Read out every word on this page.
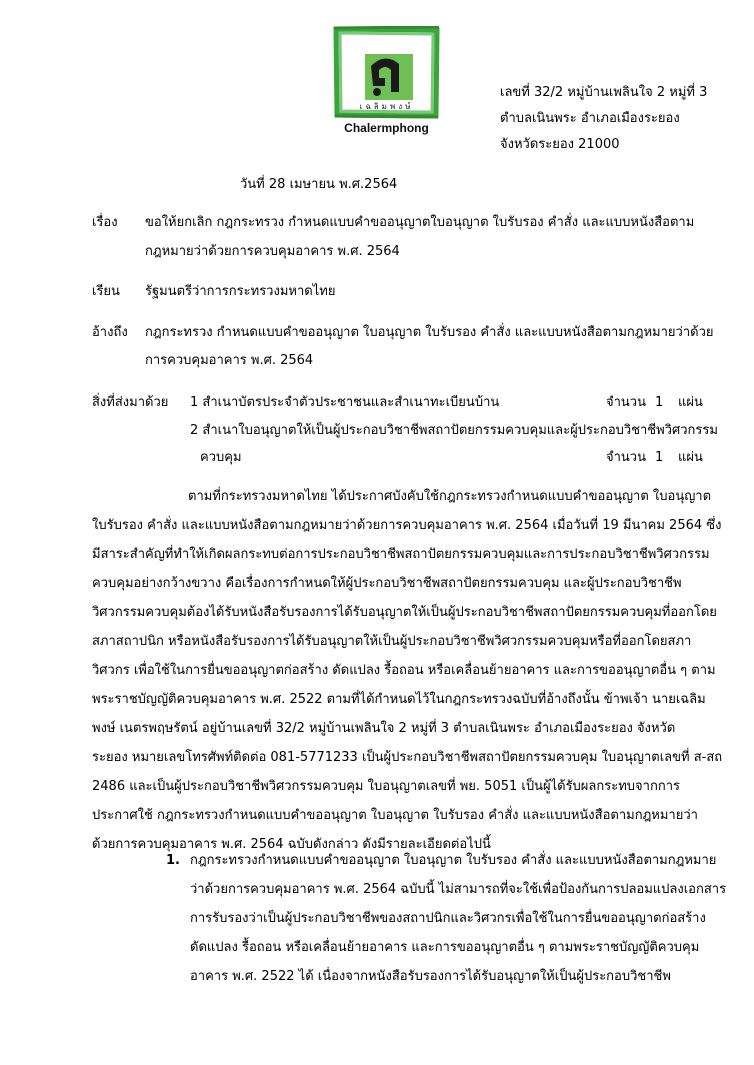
เฉลิมพงษ์
Chalermphong
เลขที่ 32/2 หมู่บ้านเพลินใจ 2 หมู่ที่ 3
ตำบลเนินพระ อำเภอเมืองระยอง
จังหวัดระยอง 21000
วันที่ 28 เมษายน พ.ศ.2564
เรื่อง ขอให้ยกเลิก กฎกระทรวง กำหนดแบบคำขออนุญาตใบอนุญาต ใบรับรอง คำสั่ง และแบบหนังสือตาม
กฎหมายว่าด้วยการควบคุมอาคาร พ.ศ. 2564
เรียน รัฐมนตรีว่าการกระทรวงมหาดไทย
อ้างถึง กฎกระทรวง กำหนดแบบคำขออนุญาต ใบอนุญาต ใบรับรอง คำสั่ง และแบบหนังสือตามกฎหมายว่าด้วย
การควบคุมอาคาร พ.ศ. 2564
สิ่งที่ส่งมาด้วย 1 สำเนาบัตรประจำตัวประชาชนและสำเนาทะเบียนบ้าน	จำนวน 1 แผ่น
2 สำเนาใบอนุญาตให้เป็นผู้ประกอบวิชาชีพสถาปัตยกรรมควบคุมและผู้ประกอบวิชาชีพวิศวกรรม
ควบคุม	จำนวน 1 แผ่น
ตามที่กระทรวงมหาดไทย ได้ประกาศบังคับใช้กฎกระทรวงกำหนดแบบคำขออนุญาต ใบอนุญาต
ใบรับรอง คำสั่ง และแบบหนังสือตามกฎหมายว่าด้วยการควบคุมอาคาร พ.ศ. 2564 เมื่อวันที่ 19 มีนาคม 2564 ซึ่ง
มีสาระสำคัญที่ทำให้เกิดผลกระทบต่อการประกอบวิชาชีพสถาปัตยกรรมควบคุมและการประกอบวิชาชีพวิศวกรรม
ควบคุมอย่างกว้างขวาง คือเรื่องการกำหนดให้ผู้ประกอบวิชาชีพสถาปัตยกรรมควบคุม และผู้ประกอบวิชาชีพ
วิศวกรรมควบคุมต้องได้รับหนังสือรับรองการได้รับอนุญาตให้เป็นผู้ประกอบวิชาชีพสถาปัตยกรรมควบคุมที่ออกโดย
สภาสถาปนิก หรือหนังสือรับรองการได้รับอนุญาตให้เป็นผู้ประกอบวิชาชีพวิศวกรรมควบคุมหรือที่ออกโดยสภา
วิศวกร เพื่อใช้ในการยื่นขออนุญาตก่อสร้าง ดัดแปลง รื้อถอน หรือเคลื่อนย้ายอาคาร และการขออนุญาตอื่น ๆ ตาม
พระราชบัญญัติควบคุมอาคาร พ.ศ. 2522 ตามที่ได้กำหนดไว้ในกฎกระทรวงฉบับที่อ้างถึงนั้น ข้าพเจ้า นายเฉลิม
พงษ์ เนตรพฤษรัตน์ อยู่บ้านเลขที่ 32/2 หมู่บ้านเพลินใจ 2 หมู่ที่ 3 ตำบลเนินพระ อำเภอเมืองระยอง จังหวัด
ระยอง หมายเลขโทรศัพท์ติดต่อ 081-5771233 เป็นผู้ประกอบวิชาชีพสถาปัตยกรรมควบคุม ใบอนุญาตเลขที่ ส-สถ
2486 และเป็นผู้ประกอบวิชาชีพวิศวกรรมควบคุม ใบอนุญาตเลขที่ พย. 5051 เป็นผู้ได้รับผลกระทบจากการ
ประกาศใช้ กฎกระทรวงกำหนดแบบคำขออนุญาต ใบอนุญาต ใบรับรอง คำสั่ง และแบบหนังสือตามกฎหมายว่า
ด้วยการควบคุมอาคาร พ.ศ. 2564 ฉบับดังกล่าว ดังมีรายละเอียดต่อไปนี้
1. กฎกระทรวงกำหนดแบบคำขออนุญาต ใบอนุญาต ใบรับรอง คำสั่ง และแบบหนังสือตามกฎหมาย
ว่าด้วยการควบคุมอาคาร พ.ศ. 2564 ฉบับนี้ ไม่สามารถที่จะใช้เพื่อป้องกันการปลอมแปลงเอกสาร
การรับรองว่าเป็นผู้ประกอบวิชาชีพของสถาปนิกและวิศวกรเพื่อใช้ในการยื่นขออนุญาตก่อสร้าง
ดัดแปลง รื้อถอน หรือเคลื่อนย้ายอาคาร และการขออนุญาตอื่น ๆ ตามพระราชบัญญัติควบคุม
อาคาร พ.ศ. 2522 ได้ เนื่องจากหนังสือรับรองการได้รับอนุญาตให้เป็นผู้ประกอบวิชาชีพ
